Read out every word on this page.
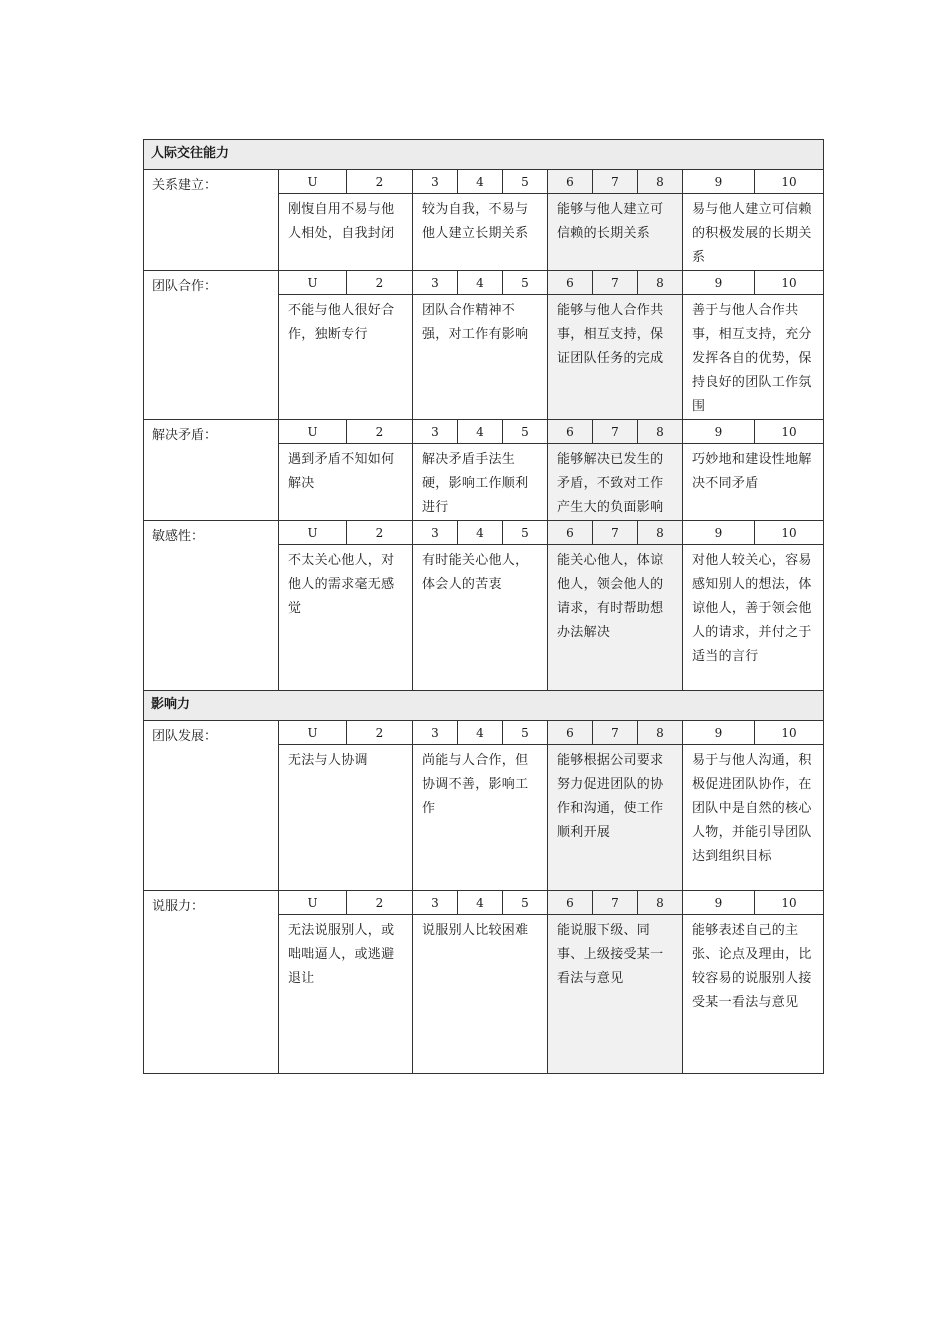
人际交往能力										
关系建立：	U	2	3	4	5	6	7	8	9	10
	刚愎自用不易与他人相处，自我封闭		较为自我，不易与他人建立长期关系			能够与他人建立可信赖的长期关系			易与他人建立可信赖的积极发展的长期关系	
团队合作：	U	2	3	4	5	6	7	8	9	10
	不能与他人很好合作，独断专行		团队合作精神不强，对工作有影响			能够与他人合作共事，相互支持，保证团队任务的完成			善于与他人合作共事，相互支持，充分发挥各自的优势，保持良好的团队工作氛围	
解决矛盾：	U	2	3	4	5	6	7	8	9	10
	遇到矛盾不知如何解决		解决矛盾手法生硬，影响工作顺利进行			能够解决已发生的矛盾，不致对工作产生大的负面影响			巧妙地和建设性地解决不同矛盾	
敏感性：	U	2	3	4	5	6	7	8	9	10
	不太关心他人，对他人的需求毫无感觉		有时能关心他人，体会人的苦衷			能关心他人，体谅他人，领会他人的请求，有时帮助想办法解决			对他人较关心，容易感知别人的想法，体谅他人，善于领会他人的请求，并付之于适当的言行	
影响力										
团队发展：	U	2	3	4	5	6	7	8	9	10
	无法与人协调		尚能与人合作，但协调不善，影响工作			能够根据公司要求努力促进团队的协作和沟通，使工作顺利开展			易于与他人沟通，积极促进团队协作，在团队中是自然的核心人物，并能引导团队达到组织目标	
说服力：	U	2	3	4	5	6	7	8	9	10
	无法说服别人，或咄咄逼人，或逃避退让		说服别人比较困难			能说服下级、同事、上级接受某一看法与意见			能够表述自己的主张、论点及理由，比较容易的说服别人接受某一看法与意见	
